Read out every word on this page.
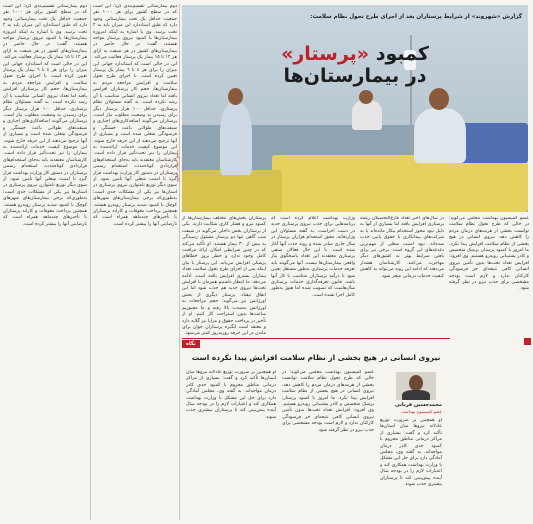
دوم بیمارستانی تقسیم‌بندی کرد؛ این است که در سطح کشور برای هر ١٠٠٠ نفر جمعیت حداقل یک تخت بیمارستانی وجود دارد که طبق استاندارد این میزان باید به ٢ تخت برسد. وی با اشاره به اینکه امروزه بیمارستان‌ها با کمبود نیروی پرستار مواجه هستند، گفت: در حال حاضر در بیمارستان‌های کشور در هر شیفت به ازای هر ١٢ تا ١٥ بیمار یک پرستار فعالیت می‌کند. این در حالی است که استاندارد جهانی این میزان را برای هر ٤ تا ٦ بیمار یک پرستار تعیین کرده است. با اجرای طرح تحول سلامت و افزایش مراجعه مردم به بیمارستان‌ها، حجم کار پرستاران افزایش یافته اما تعداد نیروی انسانی متناسب با آن رشد نکرده است. به گفته مسئولان نظام پرستاری، حداقل ١٠٠ هزار پرستار دیگر برای رسیدن به وضعیت مطلوب نیاز است. پرستاران می‌گویند اضافه‌کاری‌های اجباری و شیفت‌های طولانی باعث خستگی و فرسودگی شغلی شده است و بسیاری از آنها ترجیح می‌دهند از این حرفه خارج شوند. این موضوع کیفیت خدمات ارائه‌شده به بیماران را نیز تحت‌تأثیر قرار داده است. کارشناسان معتقدند باید به‌جای استخدام‌های قراردادی کوتاه‌مدت، استخدام رسمی پرستاران در دستور کار وزارت بهداشت قرار گیرد تا امنیت شغلی آنها تأمین شود. از سوی دیگر توزیع نامتوازن نیروی پرستاری در استان‌ها نیز یکی از مشکلات جدی است؛ به‌طوری‌که برخی بیمارستان‌های شهرهای کوچک با کمبود شدید پرستار روبه‌رو هستند. همچنین پرداخت معوقات و کارانه پرستاران با تأخیرهای چندماهه همراه است که نارضایتی آنها را بیشتر کرده است.
دوم بیمارستانی تقسیم‌بندی کرد؛ این است که در سطح کشور برای هر ١٠٠٠ نفر جمعیت حداقل یک تخت بیمارستانی وجود دارد که طبق استاندارد این میزان باید به ٢ تخت برسد. وی با اشاره به اینکه امروزه بیمارستان‌ها با کمبود نیروی پرستار مواجه هستند، گفت: در حال حاضر در بیمارستان‌های کشور در هر شیفت به ازای هر ١٢ تا ١٥ بیمار یک پرستار فعالیت می‌کند. این در حالی است که استاندارد جهانی این میزان را برای هر ٤ تا ٦ بیمار یک پرستار تعیین کرده است. با اجرای طرح تحول سلامت و افزایش مراجعه مردم به بیمارستان‌ها، حجم کار پرستاران افزایش یافته اما تعداد نیروی انسانی متناسب با آن رشد نکرده است. به گفته مسئولان نظام پرستاری، حداقل ١٠٠ هزار پرستار دیگر برای رسیدن به وضعیت مطلوب نیاز است. پرستاران می‌گویند اضافه‌کاری‌های اجباری و شیفت‌های طولانی باعث خستگی و فرسودگی شغلی شده است و بسیاری از آنها ترجیح می‌دهند از این حرفه خارج شوند. این موضوع کیفیت خدمات ارائه‌شده به بیماران را نیز تحت‌تأثیر قرار داده است. کارشناسان معتقدند باید به‌جای استخدام‌های قراردادی کوتاه‌مدت، استخدام رسمی پرستاران در دستور کار وزارت بهداشت قرار گیرد تا امنیت شغلی آنها تأمین شود. از سوی دیگر توزیع نامتوازن نیروی پرستاری در استان‌ها نیز یکی از مشکلات جدی است؛ به‌طوری‌که برخی بیمارستان‌های شهرهای کوچک با کمبود شدید پرستار روبه‌رو هستند. همچنین پرداخت معوقات و کارانه پرستاران با تأخیرهای چندماهه همراه است که نارضایتی آنها را بیشتر کرده است.
عکس: تزئینی است
گزارش «شهروند» از شرایط پرستاران بعد از اجرای طرح تحول نظام سلامت:
کمبود «پرستار»
در بیمارستان‌ها
پرستاران بخش‌های مختلف بیمارستان‌ها از کمبود نیرو و فشار کاری شکایت دارند. یکی از پرستاران بخش داخلی می‌گوید در شیفت شب گاهی تنها دو پرستار مسئول رسیدگی به بیش از ٣٠ بیمار هستند. او تأکید می‌کند که در چنین شرایطی امکان ارائه مراقبت کامل وجود ندارد و خطر بروز خطاهای پزشکی افزایش می‌یابد. این پرستار با بیان اینکه پس از اجرای طرح تحول سلامت تعداد بیماران بستری افزایش یافته است، ادامه می‌دهد: ما انتظار داشتیم همزمان با افزایش تخت‌ها نیروی جدید هم جذب شود اما این اتفاق نیفتاد. پرستار دیگری از بخش اورژانس نیز می‌گوید: حجم مراجعات به اورژانس به‌شدت بالا رفته و ما مجبوریم ساعت‌ها بدون استراحت کار کنیم. او از تأخیر در پرداخت حقوق و مزایا نیز گلایه دارد و معتقد است انگیزه پرستاران جوان برای ماندن در این حرفه روزبه‌روز کمتر می‌شود.
وزارت بهداشت اعلام کرده است که برنامه‌هایی برای جذب نیروی پرستاری جدید در دست اجراست. به گفته مسئولان این وزارتخانه، مجوز استخدام هزاران پرستار در سال جاری صادر شده و روند جذب آنها آغاز شده است. با این حال فعالان صنفی پرستاری معتقدند این تعداد پاسخگوی نیاز واقعی بیمارستان‌ها نیست. آنها می‌گویند باید تعرفه خدمات پرستاری به‌طور مستقل تعیین شود تا درآمد پرستاران متناسب با کار آنها باشد. قانون تعرفه‌گذاری خدمات پرستاری سال‌هاست که تصویب شده اما هنوز به‌طور کامل اجرا نشده است.
در سال‌های اخیر تعداد فارغ‌التحصیلان رشته پرستاری افزایش یافته اما بسیاری از آنها به دلیل نبود مجوز استخدام بیکار مانده‌اند یا به شرکت‌های پیمانکاری با حقوق پایین جذب شده‌اند. نبود امنیت شغلی از مهم‌ترین دغدغه‌های این گروه است. برخی نیز برای یافتن شرایط بهتر به کشورهای دیگر مهاجرت می‌کنند. کارشناسان هشدار می‌دهند که ادامه این روند می‌تواند به کاهش کیفیت خدمات درمانی منجر شود.
عضو کمیسیون بهداشت مجلس می‌گوید: در حالی که طرح تحول نظام سلامت توانست بخشی از هزینه‌های درمان مردم را کاهش دهد، نیروی انسانی در هیچ بخشی از نظام سلامت افزایش پیدا نکرد. ما امروز با کمبود پرستار، پزشک متخصص و کادر پشتیبانی روبه‌رو هستیم. وی افزود: افزایش تعداد تخت‌ها بدون تأمین نیروی انسانی کافی نتیجه‌ای جز فرسودگی کارکنان ندارد و لازم است بودجه مشخصی برای جذب نیرو در نظر گرفته شود.
نگاه
نیروی انسانی در هیچ بخشی از نظام سلامت افزایش پیدا نکرده است
او همچنین بر ضرورت توزیع عادلانه نیروها میان استان‌ها تأکید کرد و گفت: بسیاری از مراکز درمانی مناطق محروم با کمبود جدی کادر درمان مواجه‌اند. به گفته وی، مجلس آمادگی دارد برای حل این مشکل با وزارت بهداشت همکاری کند و اعتبارات لازم را در بودجه سال آینده پیش‌بینی کند تا پرستاران بیشتری جذب شوند.
عضو کمیسیون بهداشت مجلس می‌گوید: در حالی که طرح تحول نظام سلامت توانست بخشی از هزینه‌های درمان مردم را کاهش دهد، نیروی انسانی در هیچ بخشی از نظام سلامت افزایش پیدا نکرد. ما امروز با کمبود پرستار، پزشک متخصص و کادر پشتیبانی روبه‌رو هستیم. وی افزود: افزایش تعداد تخت‌ها بدون تأمین نیروی انسانی کافی نتیجه‌ای جز فرسودگی کارکنان ندارد و لازم است بودجه مشخصی برای جذب نیرو در نظر گرفته شود.
محمدحسین قربانی
عضو کمیسیون بهداشت
او همچنین بر ضرورت توزیع عادلانه نیروها میان استان‌ها تأکید کرد و گفت: بسیاری از مراکز درمانی مناطق محروم با کمبود جدی کادر درمان مواجه‌اند. به گفته وی، مجلس آمادگی دارد برای حل این مشکل با وزارت بهداشت همکاری کند و اعتبارات لازم را در بودجه سال آینده پیش‌بینی کند تا پرستاران بیشتری جذب شوند.
